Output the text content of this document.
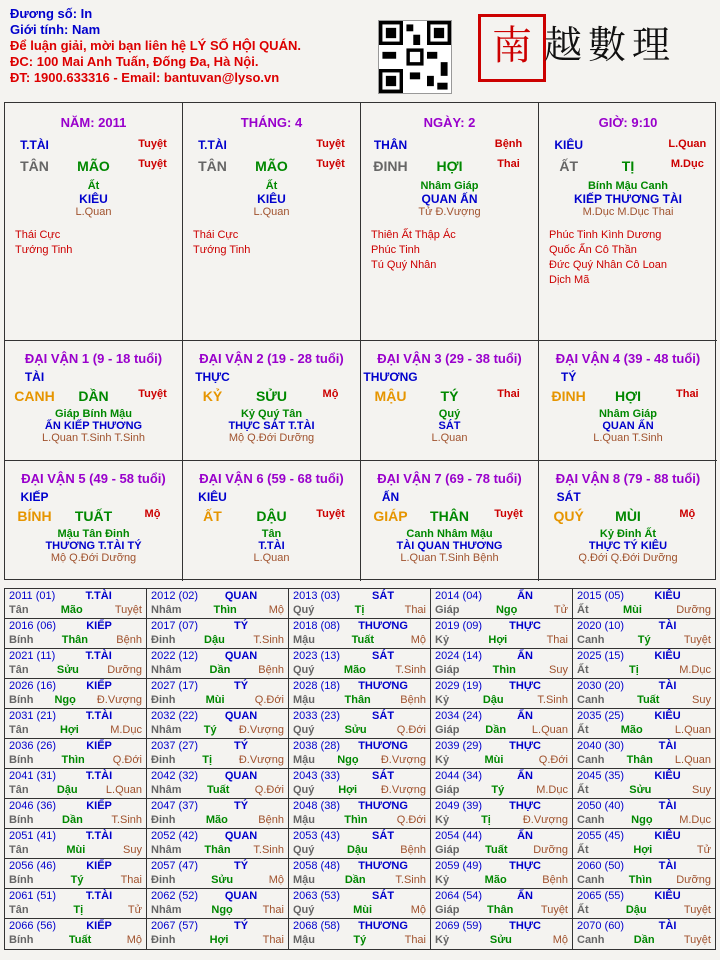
Đương số: In
Giới tính: Nam
Để luận giải, mời bạn liên hệ LÝ SỐ HỘI QUÁN.
ĐC: 100 Mai Anh Tuấn, Đống Đa, Hà Nội.
ĐT: 1900.633316 - Email: bantuvan@lyso.vn
南 越數理
NĂM: 2011
T.TÀI	Tuyệt
TÂN	MÃO	Tuyệt
Ất
KIÊU
L.Quan
Thái Cực
Tướng Tinh
THÁNG: 4
T.TÀI	Tuyệt
TÂN	MÃO	Tuyệt
Ất
KIÊU
L.Quan
Thái Cực
Tướng Tinh
NGÀY: 2
THÂN	Bệnh
ĐINH	HỢI	Thai
Nhâm Giáp
QUAN ẤN
Tử Đ.Vượng
Thiên Ất Thập Ác
Phúc Tinh
Tú Quý Nhân
GIỜ: 9:10
KIÊU	L.Quan
ẤT	TỊ	M.Dục
Bính Mậu Canh
KIẾP THƯƠNG TÀI
M.Dục M.Dục Thai
Phúc Tinh Kình Dương
Quốc Ấn Cô Thần
Đức Quý Nhân Cô Loan
Dịch Mã
ĐẠI VẬN 1 (9 - 18 tuổi)
TÀI
CANH	DẦN	Tuyệt
Giáp Bính Mậu
ẤN KIẾP THƯƠNG
L.Quan T.Sinh T.Sinh
ĐẠI VẬN 2 (19 - 28 tuổi)
THỰC
KỶ	SỬU	Mộ
Kỷ Quý Tân
THỰC SÁT T.TÀI
Mộ Q.Đới Dưỡng
ĐẠI VẬN 3 (29 - 38 tuổi)
THƯƠNG
MẬU	TÝ	Thai
Quý
SÁT
L.Quan
ĐẠI VẬN 4 (39 - 48 tuổi)
TÝ
ĐINH	HỢI	Thai
Nhâm Giáp
QUAN ẤN
L.Quan T.Sinh
ĐẠI VẬN 5 (49 - 58 tuổi)
KIẾP
BÍNH	TUẤT	Mộ
Mậu Tân Đinh
THƯƠNG T.TÀI TÝ
Mộ Q.Đới Dưỡng
ĐẠI VẬN 6 (59 - 68 tuổi)
KIÊU
ẤT	DẬU	Tuyệt
Tân
T.TÀI
L.Quan
ĐẠI VẬN 7 (69 - 78 tuổi)
ẤN
GIÁP	THÂN	Tuyệt
Canh Nhâm Mậu
TÀI QUAN THƯƠNG
L.Quan T.Sinh Bệnh
ĐẠI VẬN 8 (79 - 88 tuổi)
SÁT
QUÝ	MÙI	Mộ
Kỷ Đinh Ất
THỰC TÝ KIÊU
Q.Đới Q.Đới Dưỡng
2011 (01)	T.TÀI
Tân	Mão	Tuyệt
2012 (02) QUAN
Nhâm	Thìn	Mộ
2013 (03)	SÁT
Quý	Tị	Thai
2014 (04)	ẤN
Giáp	Ngọ	Tử
2015 (05)	KIÊU
Ất	Mùi	Dưỡng
2016 (06)	KIẾP
Bính	Thân	Bệnh
2017 (07)	TÝ
Đinh	Dậu	T.Sinh
2018 (08) THƯƠNG
Mậu	Tuất	Mộ
2019 (09) THỰC
Kỷ	Hợi	Thai
2020 (10)	TÀI
Canh	Tý	Tuyệt
2021 (11)	T.TÀI
Tân	Sửu	Dưỡng
2022 (12) QUAN
Nhâm	Dần	Bệnh
2023 (13)	SÁT
Quý	Mão	T.Sinh
2024 (14)	ẤN
Giáp	Thìn	Suy
2025 (15)	KIÊU
Ất	Tị	M.Dục
2026 (16)	KIẾP
Bính Ngọ Đ.Vượng
2027 (17)	TÝ
Đinh	Mùi	Q.Đới
2028 (18) THƯƠNG
Mậu	Thân	Bệnh
2029 (19) THỰC
Kỷ	Dậu	T.Sinh
2030 (20)	TÀI
Canh	Tuất	Suy
2031 (21)	T.TÀI
Tân	Hợi	M.Dục
2032 (22) QUAN
Nhâm Tý Đ.Vượng
2033 (23)	SÁT
Quý	Sửu	Q.Đới
2034 (24)	ẤN
Giáp Dần L.Quan
2035 (25)	KIÊU
Ất	Mão	L.Quan
2036 (26)	KIẾP
Bính	Thìn	Q.Đới
2037 (27)	TÝ
Đinh Tị Đ.Vượng
2038 (28) THƯƠNG
Mậu Ngọ Đ.Vượng
2039 (29) THỰC
Kỷ	Mùi	Q.Đới
2040 (30)	TÀI
Canh Thân L.Quan
2041 (31)	T.TÀI
Tân	Dậu	L.Quan
2042 (32) QUAN
Nhâm Tuất Q.Đới
2043 (33)	SÁT
Quý Hợi Đ.Vượng
2044 (34)	ẤN
Giáp	Tý	M.Dục
2045 (35)	KIÊU
Ất	Sửu	Suy
2046 (36)	KIẾP
Bính	Dần	T.Sinh
2047 (37)	TÝ
Đinh	Mão	Bệnh
2048 (38) THƯƠNG
Mậu	Thìn	Q.Đới
2049 (39) THỰC
Kỷ	Tị	Đ.Vượng
2050 (40)	TÀI
Canh Ngọ M.Dục
2051 (41)	T.TÀI
Tân	Mùi	Suy
2052 (42) QUAN
Nhâm Thân T.Sinh
2053 (43)	SÁT
Quý	Dậu	Bệnh
2054 (44)	ẤN
Giáp Tuất Dưỡng
2055 (45)	KIÊU
Ất	Hợi	Tử
2056 (46)	KIẾP
Bính	Tý	Thai
2057 (47)	TÝ
Đinh	Sửu	Mộ
2058 (48) THƯƠNG
Mậu	Dần	T.Sinh
2059 (49) THỰC
Kỷ	Mão	Bệnh
2060 (50)	TÀI
Canh Thìn Dưỡng
2061 (51)	T.TÀI
Tân	Tị	Tử
2062 (52) QUAN
Nhâm	Ngọ	Thai
2063 (53)	SÁT
Quý	Mùi	Mộ
2064 (54)	ẤN
Giáp	Thân	Tuyệt
2065 (55)	KIÊU
Ất	Dậu	Tuyệt
2066 (56)	KIẾP
Bính	Tuất	Mộ
2067 (57)	TÝ
Đinh	Hợi	Thai
2068 (58) THƯƠNG
Mậu	Tý	Thai
2069 (59) THỰC
Kỷ	Sửu	Mộ
2070 (60)	TÀI
Canh	Dần	Tuyệt
